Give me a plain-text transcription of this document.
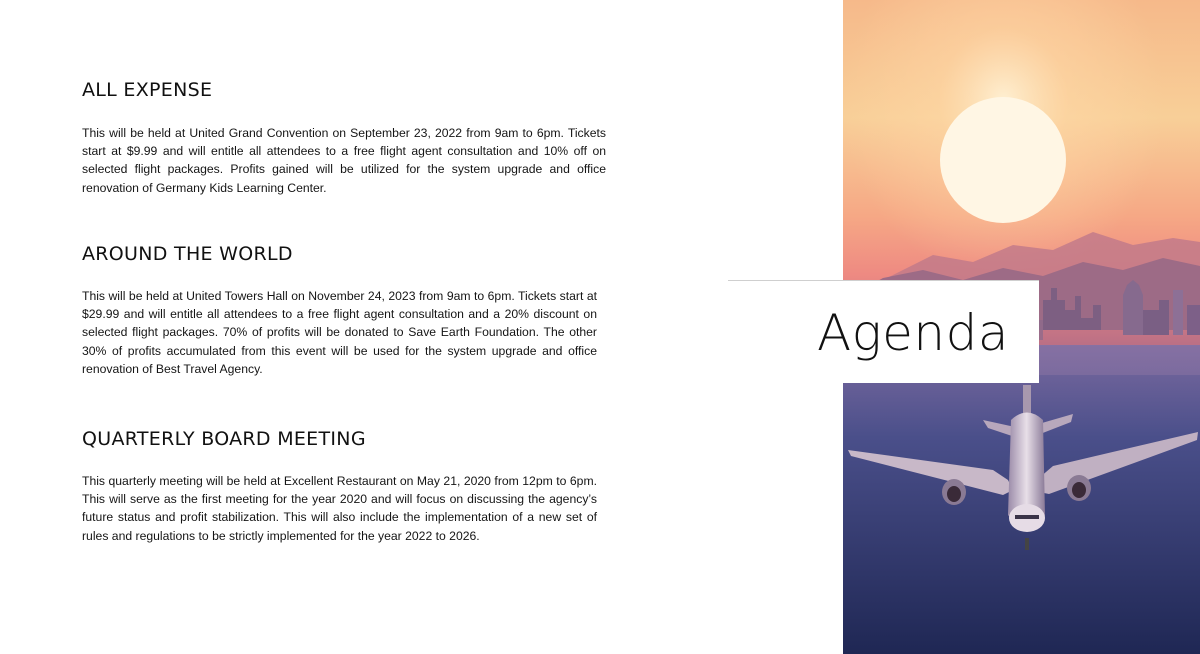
ALL EXPENSE

This will be held at United Grand Convention on September 23, 2022 from 9am to 6pm. Tickets start at $9.99 and will entitle all attendees to a free flight agent consultation and 10% off on selected flight packages. Profits gained will be utilized for the system upgrade and office renovation of Germany Kids Learning Center.

AROUND THE WORLD

This will be held at United Towers Hall on November 24, 2023 from 9am to 6pm. Tickets start at $29.99 and will entitle all attendees to a free flight agent consultation and a 20% discount on selected flight packages. 70% of profits will be donated to Save Earth Foundation. The other 30% of profits accumulated from this event will be used for the system upgrade and office renovation of Best Travel Agency.

QUARTERLY BOARD MEETING

This quarterly meeting will be held at Excellent Restaurant on May 21, 2020 from 12pm to 6pm. This will serve as the first meeting for the year 2020 and will focus on discussing the agency’s future status and profit stabilization. This will also include the implementation of a new set of rules and regulations to be strictly implemented for the year 2022 to 2026.

Agenda
